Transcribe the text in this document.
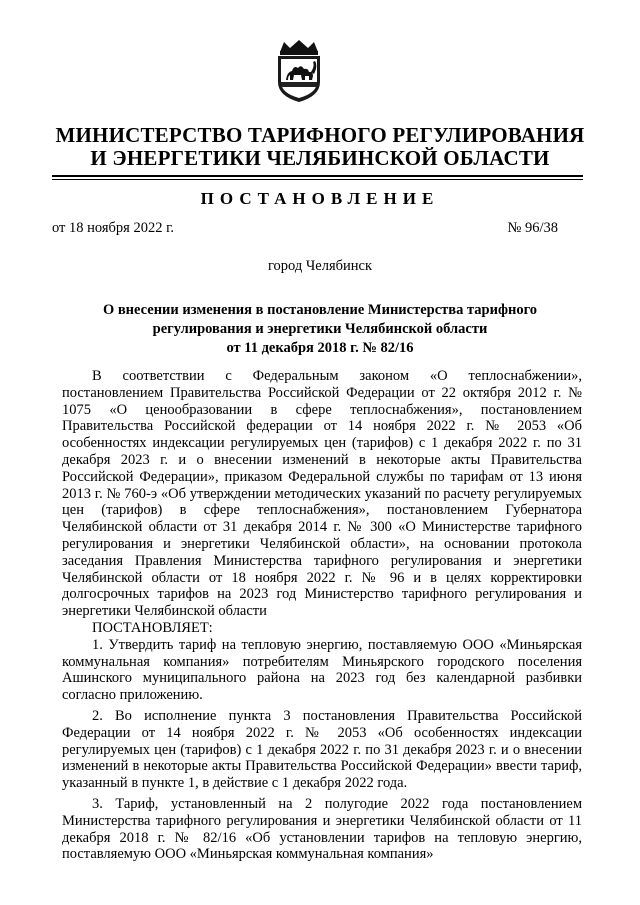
МИНИСТЕРСТВО ТАРИФНОГО РЕГУЛИРОВАНИЯ
И ЭНЕРГЕТИКИ ЧЕЛЯБИНСКОЙ ОБЛАСТИ
ПОСТАНОВЛЕНИЕ
от 18 ноября 2022 г.	№ 96/38
город Челябинск
О внесении изменения в постановление Министерства тарифного
регулирования и энергетики Челябинской области
от 11 декабря 2018 г. № 82/16

В соответствии с Федеральным законом «О теплоснабжении», постановлением Правительства Российской Федерации от 22 октября 2012 г. № 1075 «О ценообразовании в сфере теплоснабжения», постановлением Правительства Российской федерации от 14 ноября 2022 г. № 2053 «Об особенностях индексации регулируемых цен (тарифов) с 1 декабря 2022 г. по 31 декабря 2023 г. и о внесении изменений в некоторые акты Правительства Российской Федерации», приказом Федеральной службы по тарифам от 13 июня 2013 г. № 760-э «Об утверждении методических указаний по расчету регулируемых цен (тарифов) в сфере теплоснабжения», постановлением Губернатора Челябинской области от 31 декабря 2014 г. № 300 «О Министерстве тарифного регулирования и энергетики Челябинской области», на основании протокола заседания Правления Министерства тарифного регулирования и энергетики Челябинской области от 18 ноября 2022 г. № 96 и в целях корректировки долгосрочных тарифов на 2023 год Министерство тарифного регулирования и энергетики Челябинской области

ПОСТАНОВЛЯЕТ:

1. Утвердить тариф на тепловую энергию, поставляемую ООО «Миньярская коммунальная компания» потребителям Миньярского городского поселения Ашинского муниципального района на 2023 год без календарной разбивки согласно приложению.

2. Во исполнение пункта 3 постановления Правительства Российской Федерации от 14 ноября 2022 г. № 2053 «Об особенностях индексации регулируемых цен (тарифов) с 1 декабря 2022 г. по 31 декабря 2023 г. и о внесении изменений в некоторые акты Правительства Российской Федерации» ввести тариф, указанный в пункте 1, в действие с 1 декабря 2022 года.

3. Тариф, установленный на 2 полугодие 2022 года постановлением Министерства тарифного регулирования и энергетики Челябинской области от 11 декабря 2018 г. № 82/16 «Об установлении тарифов на тепловую энергию, поставляемую ООО «Миньярская коммунальная компания»
